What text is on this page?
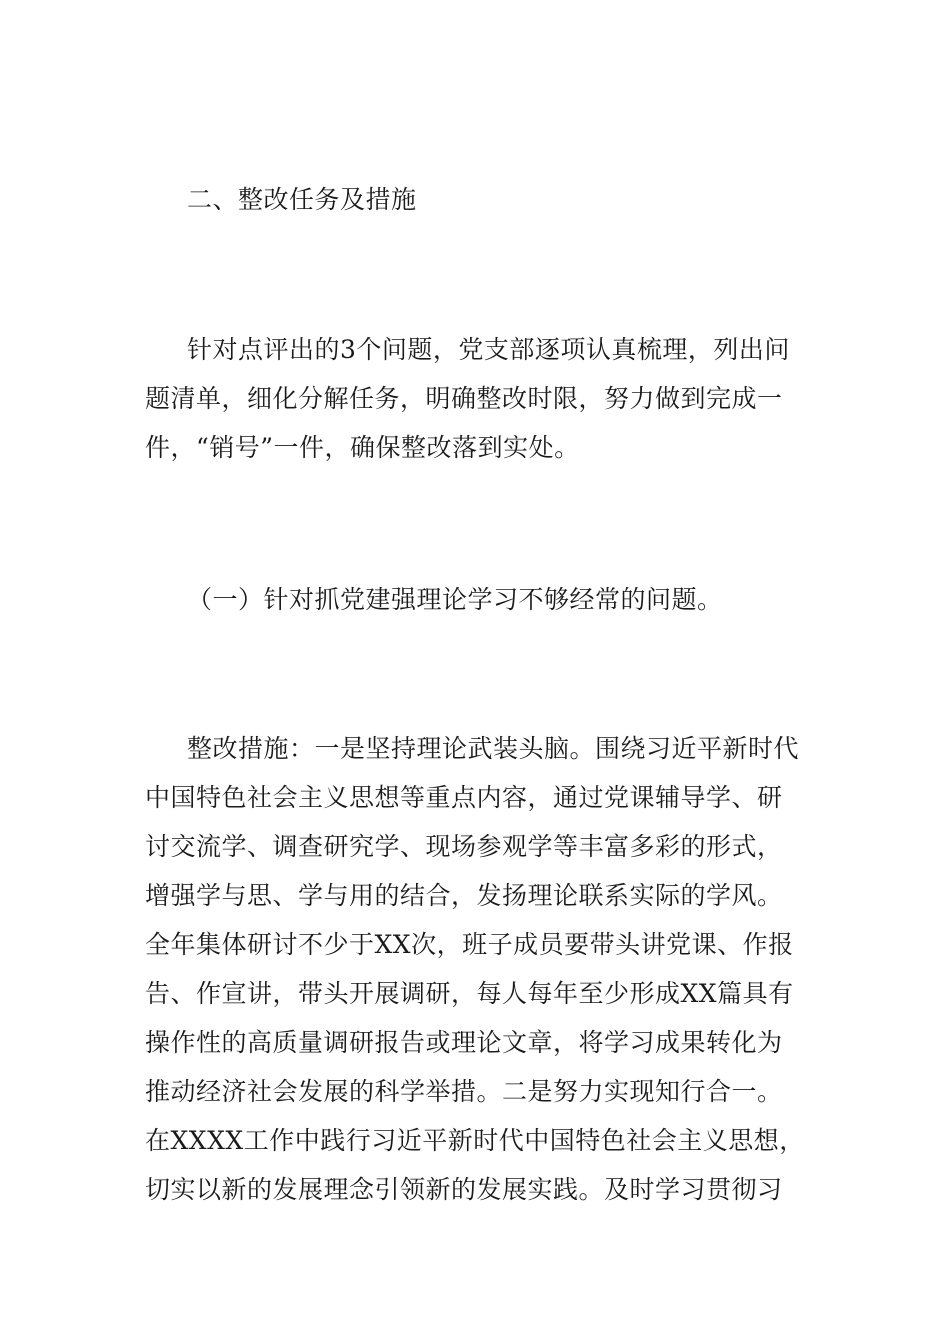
二、整改任务及措施
针对点评出的3个问题，党支部逐项认真梳理，列出问
题清单，细化分解任务，明确整改时限，努力做到完成一
件，“销号”一件，确保整改落到实处。
（一）针对抓党建强理论学习不够经常的问题。
整改措施：一是坚持理论武装头脑。围绕习近平新时代
中国特色社会主义思想等重点内容，通过党课辅导学、研
讨交流学、调查研究学、现场参观学等丰富多彩的形式，
增强学与思、学与用的结合，发扬理论联系实际的学风。
全年集体研讨不少于XX次，班子成员要带头讲党课、作报
告、作宣讲，带头开展调研，每人每年至少形成XX篇具有
操作性的高质量调研报告或理论文章，将学习成果转化为
推动经济社会发展的科学举措。二是努力实现知行合一。
在XXXX工作中践行习近平新时代中国特色社会主义思想，
切实以新的发展理念引领新的发展实践。及时学习贯彻习
